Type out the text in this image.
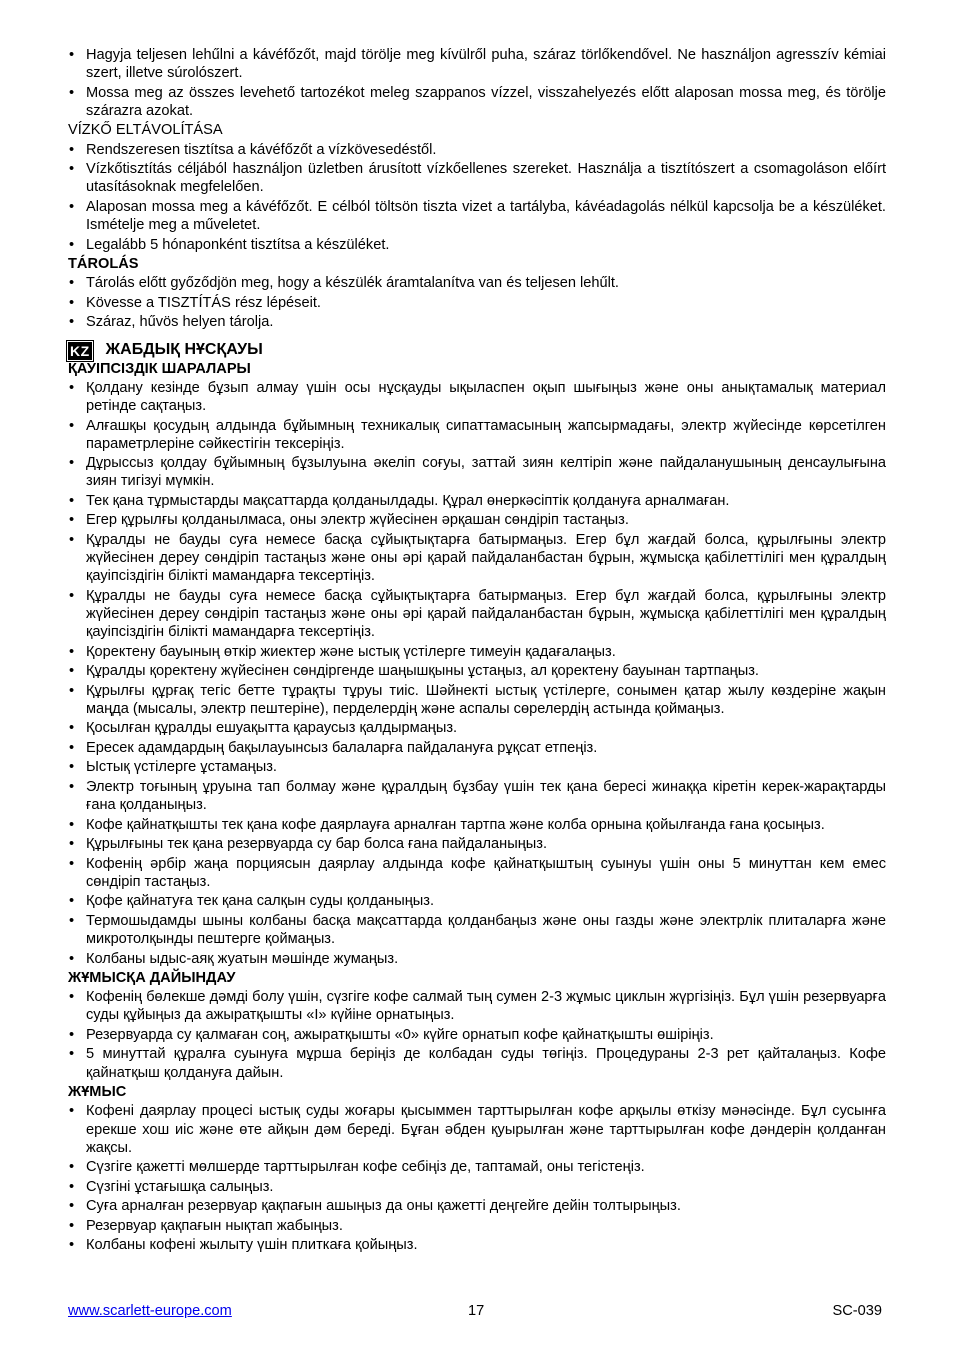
• Hagyja teljesen lehűlni a kávéfőzőt, majd törölje meg kívülről puha, száraz törlőkendővel. Ne használjon agresszív kémiai szert, illetve súrolószert.
• Mossa meg az összes levehető tartozékot meleg szappanos vízzel, visszahelyezés előtt alaposan mossa meg, és törölje szárazra azokat.
VÍZKŐ ELTÁVOLÍTÁSA
• Rendszeresen tisztítsa a kávéfőzőt a vízkövesedéstől.
• Vízkőtisztítás céljából használjon üzletben árusított vízkőellenes szereket. Használja a tisztítószert a csomagoláson előírt utasításoknak megfelelően.
• Alaposan mossa meg a kávéfőzőt. E célból töltsön tiszta vizet a tartályba, kávéadagolás nélkül kapcsolja be a készüléket. Ismételje meg a műveletet.
• Legalább 5 hónaponként tisztítsa a készüléket.
TÁROLÁS
• Tárolás előtt győződjön meg, hogy a készülék áramtalanítva van és teljesen lehűlt.
• Kövesse a TISZTÍTÁS rész lépéseit.
• Száraz, hűvös helyen tárolja.
KZ ЖАБДЫҚ НҰСҚАУЫ
ҚАУІПСІЗДІК ШАРАЛАРЫ
• Қолдану кезінде бұзып алмау үшін осы нұсқауды ықыласпен оқып шығыңыз және оны анықтамалық материал ретінде сақтаңыз.
• Алғашқы қосудың алдында бұйымның техникалық сипаттамасының жапсырмадағы, электр жүйесінде көрсетілген параметрлеріне сәйкестігін тексеріңіз.
• Дұрыссыз қолдау бұйымның бұзылуына әкеліп соғуы, заттай зиян келтіріп және пайдаланушының денсаулығына зиян тигізуі мүмкін.
• Тек қана тұрмыстарды мақсаттарда қолданылдады. Құрал өнеркәсіптік қолдануға арналмаған.
• Егер құрылғы қолданылмаса, оны электр жүйесінен әрқашан сөндіріп тастаңыз.
• Құралды не бауды суға немесе басқа сұйықтықтарға батырмаңыз. Егер бұл жағдай болса, құрылғыны электр жүйесінен дереу сөндіріп тастаңыз және оны әрі қарай пайдаланбастан бұрын, жұмысқа қабілеттілігі мен құралдың қауіпсіздігін білікті мамандарға тексертіңіз.
• Құралды не бауды суға немесе басқа сұйықтықтарға батырмаңыз. Егер бұл жағдай болса, құрылғыны электр жүйесінен дереу сөндіріп тастаңыз және оны әрі қарай пайдаланбастан бұрын, жұмысқа қабілеттілігі мен құралдың қауіпсіздігін білікті мамандарға тексертіңіз.
• Қоректену бауының өткір жиектер және ыстық үстілерге тимеуін қадағалаңыз.
• Құралды қоректену жүйесінен сөндіргенде шаңышқыны ұстаңыз, ал қоректену бауынан тартпаңыз.
• Құрылғы құрғақ тегіс бетте тұрақты тұруы тиіс. Шәйнекті ыстық үстілерге, сонымен қатар жылу көздеріне жақын маңда (мысалы, электр пештеріне), перделердің және аспалы сөрелердің астында қоймаңыз.
• Қосылған құралды ешуақытта қараусыз қалдырмаңыз.
• Ересек адамдардың бақылауынсыз балаларға пайдалануға рұқсат етпеңіз.
• Ыстық үстілерге ұстамаңыз.
• Электр тоғының ұруына тап болмау және құралдың бұзбау үшін тек қана бересі жинаққа кіретін керек-жарақтарды ғана қолданыңыз.
• Кофе қайнатқышты тек қана кофе даярлауға арналған тартпа және колба орнына қойылғанда ғана қосыңыз.
• Құрылғыны тек қана резервуарда су бар болса ғана пайдаланыңыз.
• Кофенің әрбір жаңа порциясын даярлау алдында кофе қайнатқыштың суынуы үшін оны 5 минуттан кем емес сөндіріп тастаңыз.
• Қофе қайнатуға тек қана салқын суды қолданыңыз.
• Термошыдамды шыны колбаны басқа мақсаттарда қолданбаңыз және оны газды және электрлік плиталарға және микротолқынды пештерге қоймаңыз.
• Колбаны ыдыс-аяқ жуатын мәшінде жумаңыз.
ЖҰМЫСҚА ДАЙЫНДАУ
• Кофенің бөлекше дәмді болу үшін, сүзгіге кофе салмай тың сумен 2-3 жұмыс циклын жүргізіңіз. Бұл үшін резервуарға суды құйыңыз да ажыратқышты «I» күйіне орнатыңыз.
• Резервуарда су қалмаған соң, ажыратқышты «0» күйге орнатып кофе қайнатқышты өшіріңіз.
• 5 минуттай құралға суынуға мұрша беріңіз де колбадан суды төгіңіз. Процедураны 2-3 рет қайталаңыз. Кофе қайнатқыш қолдануға дайын.
ЖҰМЫС
• Кофені даярлау процесі ыстық суды жоғары қысыммен тарттырылған кофе арқылы өткізу мәнәсінде. Бұл сусынға ерекше хош иіс және өте айқын дәм береді. Бұған әбден қуырылған және тарттырылған кофе дәндерін қолданған жақсы.
• Сүзгіге қажетті мөлшерде тарттырылған кофе себіңіз де, таптамай, оны тегістеңіз.
• Сүзгіні ұстағышқа салыңыз.
• Суға арналған резервуар қақпағын ашыңыз да оны қажетті деңгейге дейін толтырыңыз.
• Резервуар қақпағын нықтап жабыңыз.
• Колбаны кофені жылыту үшін плиткаға қойыңыз.
www.scarlett-europe.com	17	SC-039
